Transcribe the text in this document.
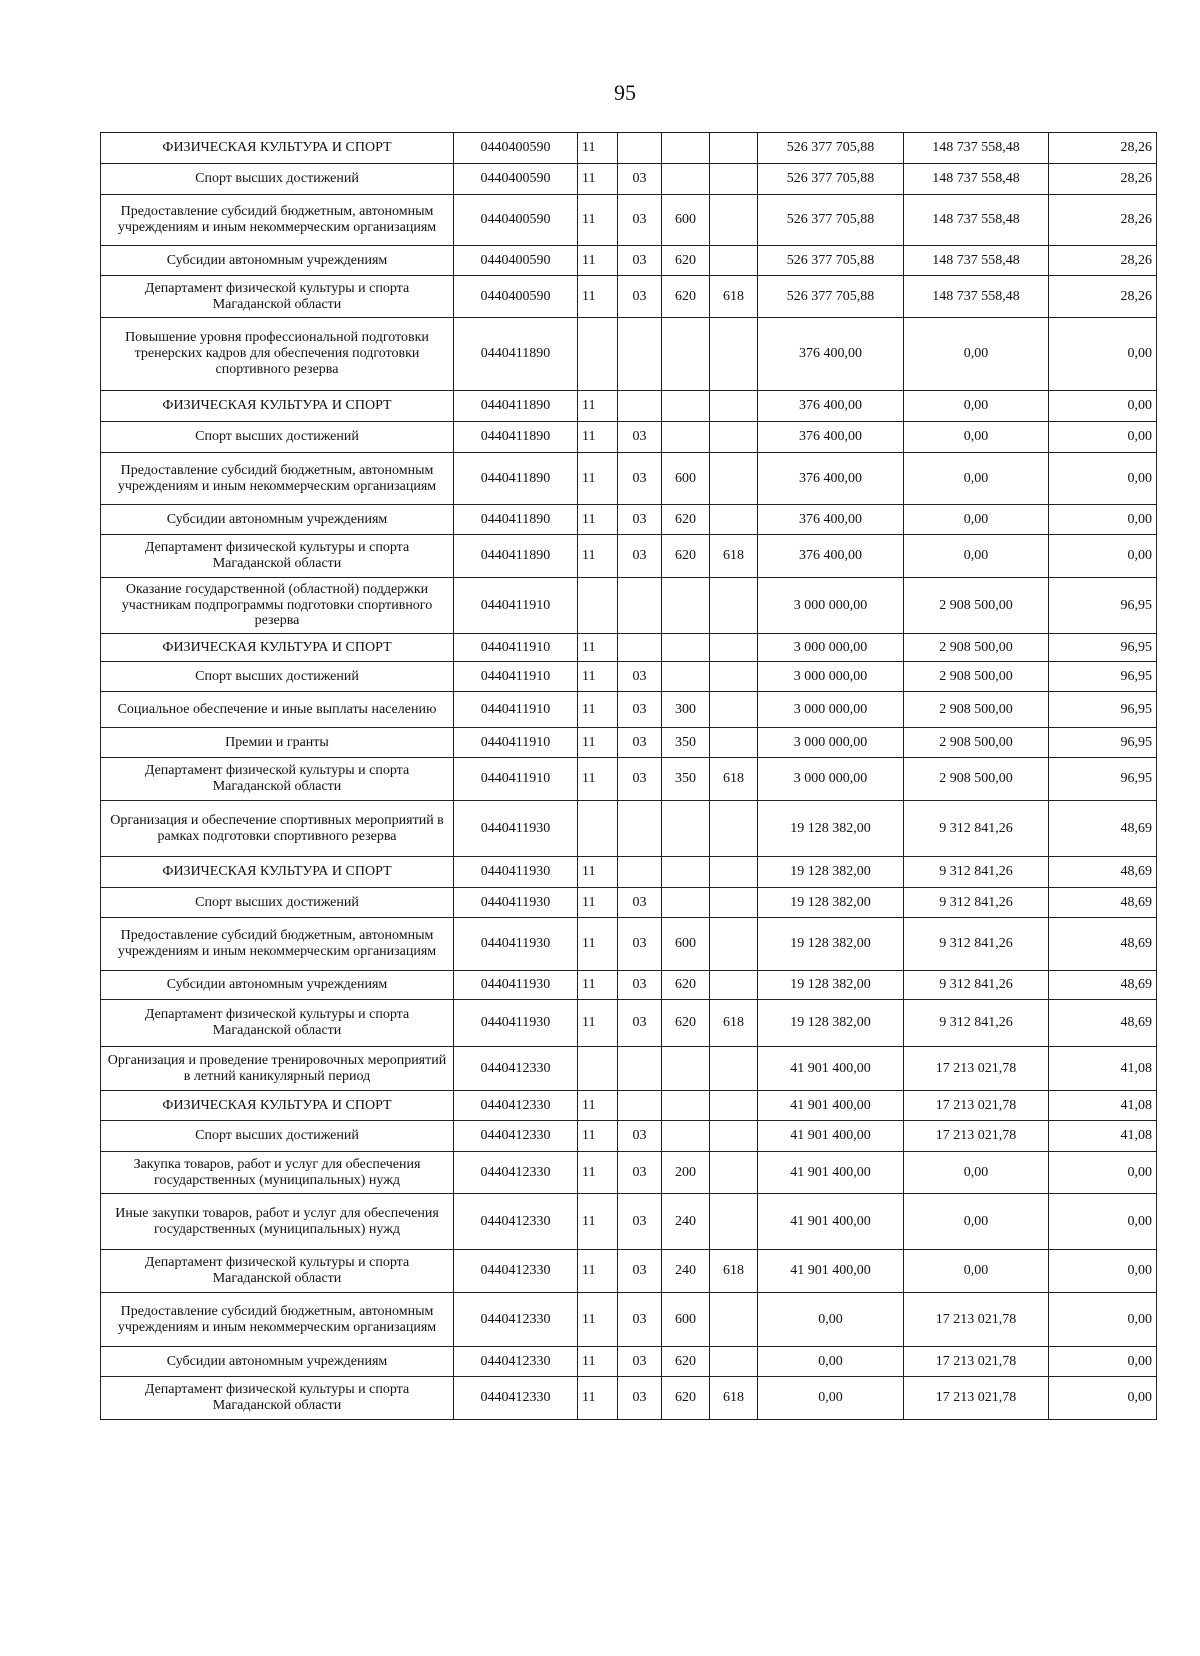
95
ФИЗИЧЕСКАЯ КУЛЬТУРА И СПОРТ	0440400590	11				526 377 705,88	148 737 558,48	28,26
Спорт высших достижений	0440400590	11	03			526 377 705,88	148 737 558,48	28,26
Предоставление субсидий бюджетным, автономным учреждениям и иным некоммерческим организациям	0440400590	11	03	600		526 377 705,88	148 737 558,48	28,26
Субсидии автономным учреждениям	0440400590	11	03	620		526 377 705,88	148 737 558,48	28,26
Департамент физической культуры и спорта Магаданской области	0440400590	11	03	620	618	526 377 705,88	148 737 558,48	28,26
Повышение уровня профессиональной подготовки тренерских кадров для обеспечения подготовки спортивного резерва	0440411890					376 400,00	0,00	0,00
ФИЗИЧЕСКАЯ КУЛЬТУРА И СПОРТ	0440411890	11				376 400,00	0,00	0,00
Спорт высших достижений	0440411890	11	03			376 400,00	0,00	0,00
Предоставление субсидий бюджетным, автономным учреждениям и иным некоммерческим организациям	0440411890	11	03	600		376 400,00	0,00	0,00
Субсидии автономным учреждениям	0440411890	11	03	620		376 400,00	0,00	0,00
Департамент физической культуры и спорта Магаданской области	0440411890	11	03	620	618	376 400,00	0,00	0,00
Оказание государственной (областной) поддержки участникам подпрограммы подготовки спортивного резерва	0440411910					3 000 000,00	2 908 500,00	96,95
ФИЗИЧЕСКАЯ КУЛЬТУРА И СПОРТ	0440411910	11				3 000 000,00	2 908 500,00	96,95
Спорт высших достижений	0440411910	11	03			3 000 000,00	2 908 500,00	96,95
Социальное обеспечение и иные выплаты населению	0440411910	11	03	300		3 000 000,00	2 908 500,00	96,95
Премии и гранты	0440411910	11	03	350		3 000 000,00	2 908 500,00	96,95
Департамент физической культуры и спорта Магаданской области	0440411910	11	03	350	618	3 000 000,00	2 908 500,00	96,95
Организация и обеспечение спортивных мероприятий в рамках подготовки спортивного резерва	0440411930					19 128 382,00	9 312 841,26	48,69
ФИЗИЧЕСКАЯ КУЛЬТУРА И СПОРТ	0440411930	11				19 128 382,00	9 312 841,26	48,69
Спорт высших достижений	0440411930	11	03			19 128 382,00	9 312 841,26	48,69
Предоставление субсидий бюджетным, автономным учреждениям и иным некоммерческим организациям	0440411930	11	03	600		19 128 382,00	9 312 841,26	48,69
Субсидии автономным учреждениям	0440411930	11	03	620		19 128 382,00	9 312 841,26	48,69
Департамент физической культуры и спорта Магаданской области	0440411930	11	03	620	618	19 128 382,00	9 312 841,26	48,69
Организация и проведение тренировочных мероприятий в летний каникулярный период	0440412330					41 901 400,00	17 213 021,78	41,08
ФИЗИЧЕСКАЯ КУЛЬТУРА И СПОРТ	0440412330	11				41 901 400,00	17 213 021,78	41,08
Спорт высших достижений	0440412330	11	03			41 901 400,00	17 213 021,78	41,08
Закупка товаров, работ и услуг для обеспечения государственных (муниципальных) нужд	0440412330	11	03	200		41 901 400,00	0,00	0,00
Иные закупки товаров, работ и услуг для обеспечения государственных (муниципальных) нужд	0440412330	11	03	240		41 901 400,00	0,00	0,00
Департамент физической культуры и спорта Магаданской области	0440412330	11	03	240	618	41 901 400,00	0,00	0,00
Предоставление субсидий бюджетным, автономным учреждениям и иным некоммерческим организациям	0440412330	11	03	600		0,00	17 213 021,78	0,00
Субсидии автономным учреждениям	0440412330	11	03	620		0,00	17 213 021,78	0,00
Департамент физической культуры и спорта Магаданской области	0440412330	11	03	620	618	0,00	17 213 021,78	0,00
